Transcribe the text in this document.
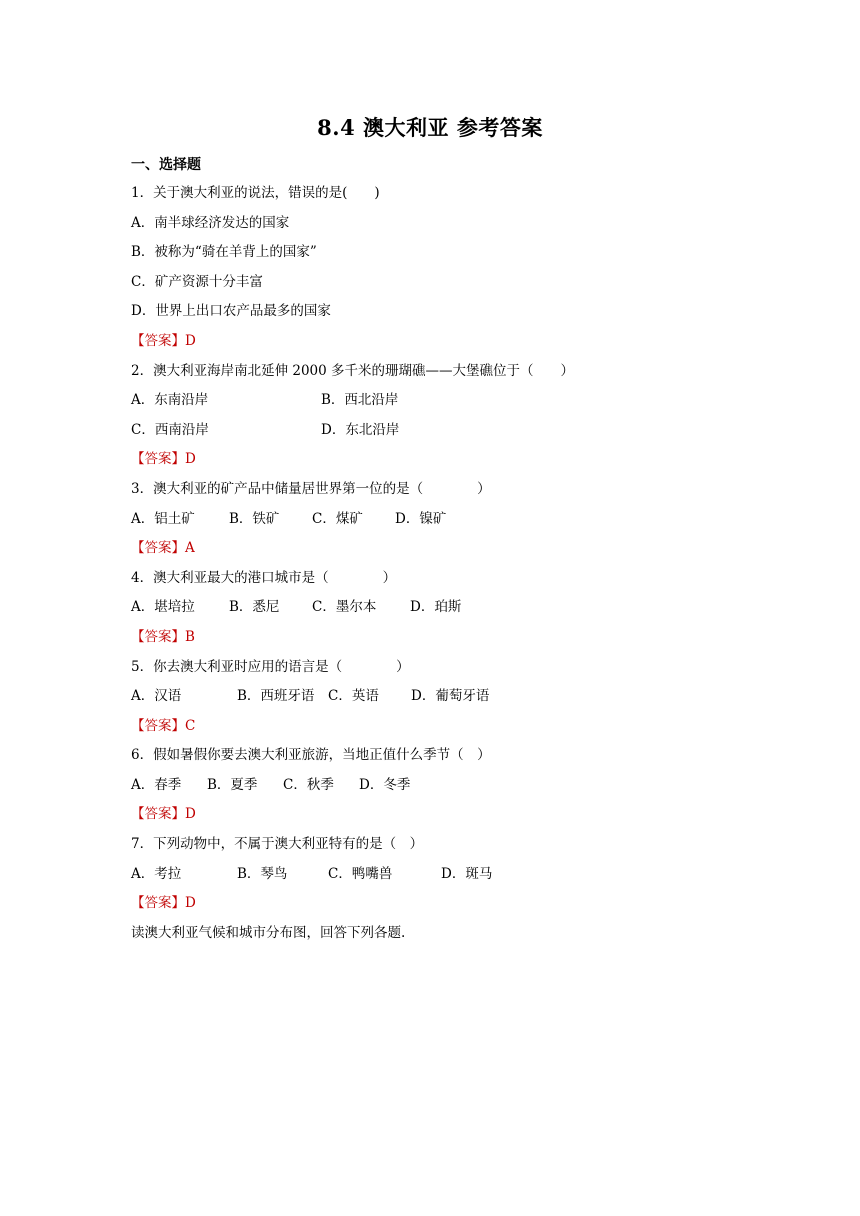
8.4 澳大利亚 参考答案
一、选择题
1．关于澳大利亚的说法，错误的是(　　)
A．南半球经济发达的国家
B．被称为“骑在羊背上的国家”
C．矿产资源十分丰富
D．世界上出口农产品最多的国家
【答案】D
2．澳大利亚海岸南北延伸 2000 多千米的珊瑚礁——大堡礁位于（　　）
A．东南沿岸	B．西北沿岸
C．西南沿岸	D．东北沿岸
【答案】D
3．澳大利亚的矿产品中储量居世界第一位的是（　　　　）
A．铝土矿	B．铁矿 C．煤矿 D．镍矿
【答案】A
4．澳大利亚最大的港口城市是（　　　　）
A．堪培拉	B．悉尼 C．墨尔本 D．珀斯
【答案】B
5．你去澳大利亚时应用的语言是（　　　　）
A．汉语	B．西班牙语 C．英语 D．葡萄牙语
【答案】C
6．假如暑假你要去澳大利亚旅游，当地正值什么季节（　）
A．春季 B．夏季 C．秋季 D．冬季
【答案】D
7．下列动物中，不属于澳大利亚特有的是（　）
A．考拉	B．琴鸟	C．鸭嘴兽	D．斑马
【答案】D
读澳大利亚气候和城市分布图，回答下列各题.
